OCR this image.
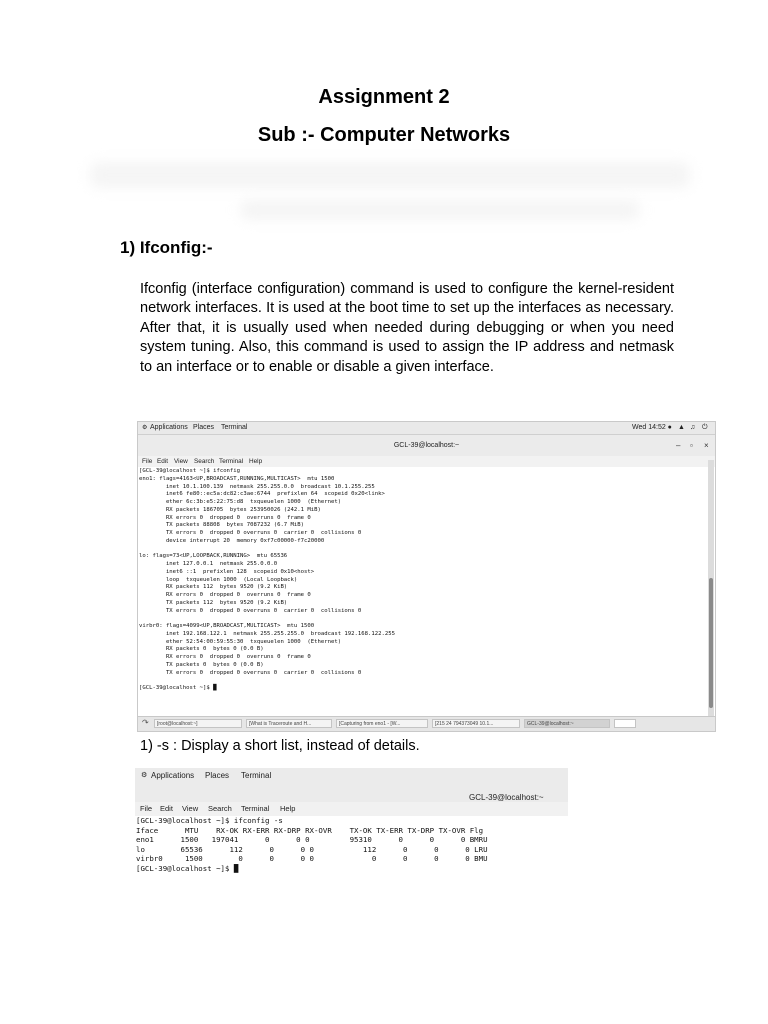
Assignment 2
Sub :- Computer Networks
1) Ifconfig:-
Ifconfig (interface configuration) command is used to configure the kernel-resident network interfaces. It is used at the boot time to set up the interfaces as necessary. After that, it is usually used when needed during debugging or when you need system tuning. Also, this command is used to assign the IP address and netmask to an interface or to enable or disable a given interface.
⚙ Applications Places Terminal	Wed 14:52 ● ▲ ♫ ⏻
GCL-39@localhost:~	– ▫ ×
File Edit View Search Terminal Help
[GCL-39@localhost ~]$ ifconfig
eno1: flags=4163<UP,BROADCAST,RUNNING,MULTICAST>  mtu 1500
inet 10.1.100.139  netmask 255.255.0.0  broadcast 10.1.255.255
inet6 fe80::ec5a:dc82:c3ae:6744  prefixlen 64  scopeid 0x20<link>
ether 6c:3b:e5:22:75:d8  txqueuelen 1000  (Ethernet)
RX packets 186705  bytes 253950026 (242.1 MiB)
RX errors 0  dropped 0  overruns 0  frame 0
TX packets 88808  bytes 7087232 (6.7 MiB)
TX errors 0  dropped 0 overruns 0  carrier 0  collisions 0
device interrupt 20  memory 0xf7c00000-f7c20000

lo: flags=73<UP,LOOPBACK,RUNNING>  mtu 65536
inet 127.0.0.1  netmask 255.0.0.0
inet6 ::1  prefixlen 128  scopeid 0x10<host>
loop  txqueuelen 1000  (Local Loopback)
RX packets 112  bytes 9520 (9.2 KiB)
RX errors 0  dropped 0  overruns 0  frame 0
TX packets 112  bytes 9520 (9.2 KiB)
TX errors 0  dropped 0 overruns 0  carrier 0  collisions 0

virbr0: flags=4099<UP,BROADCAST,MULTICAST>  mtu 1500
inet 192.168.122.1  netmask 255.255.255.0  broadcast 192.168.122.255
ether 52:54:00:59:55:30  txqueuelen 1000  (Ethernet)
RX packets 0  bytes 0 (0.0 B)
RX errors 0  dropped 0  overruns 0  frame 0
TX packets 0  bytes 0 (0.0 B)
TX errors 0  dropped 0 overruns 0  carrier 0  collisions 0

[GCL-39@localhost ~]$ █
↷	[root@localhost:~]	[What is Traceroute and H...	[Capturing from eno1 - [W...	[215 24 794373049 10.1...	GCL-39@localhost:~
1) -s : Display a short list, instead of details.
⚙ Applications Places Terminal
GCL-39@localhost:~
File Edit View Search Terminal Help
[GCL-39@localhost ~]$ ifconfig -s
Iface      MTU    RX-OK RX-ERR RX-DRP RX-OVR    TX-OK TX-ERR TX-DRP TX-OVR Flg
eno1      1500   197041      0      0 0         95310      0      0      0 BMRU
lo        65536      112      0      0 0           112      0      0      0 LRU
virbr0     1500        0      0      0 0             0      0      0      0 BMU
[GCL-39@localhost ~]$ █
